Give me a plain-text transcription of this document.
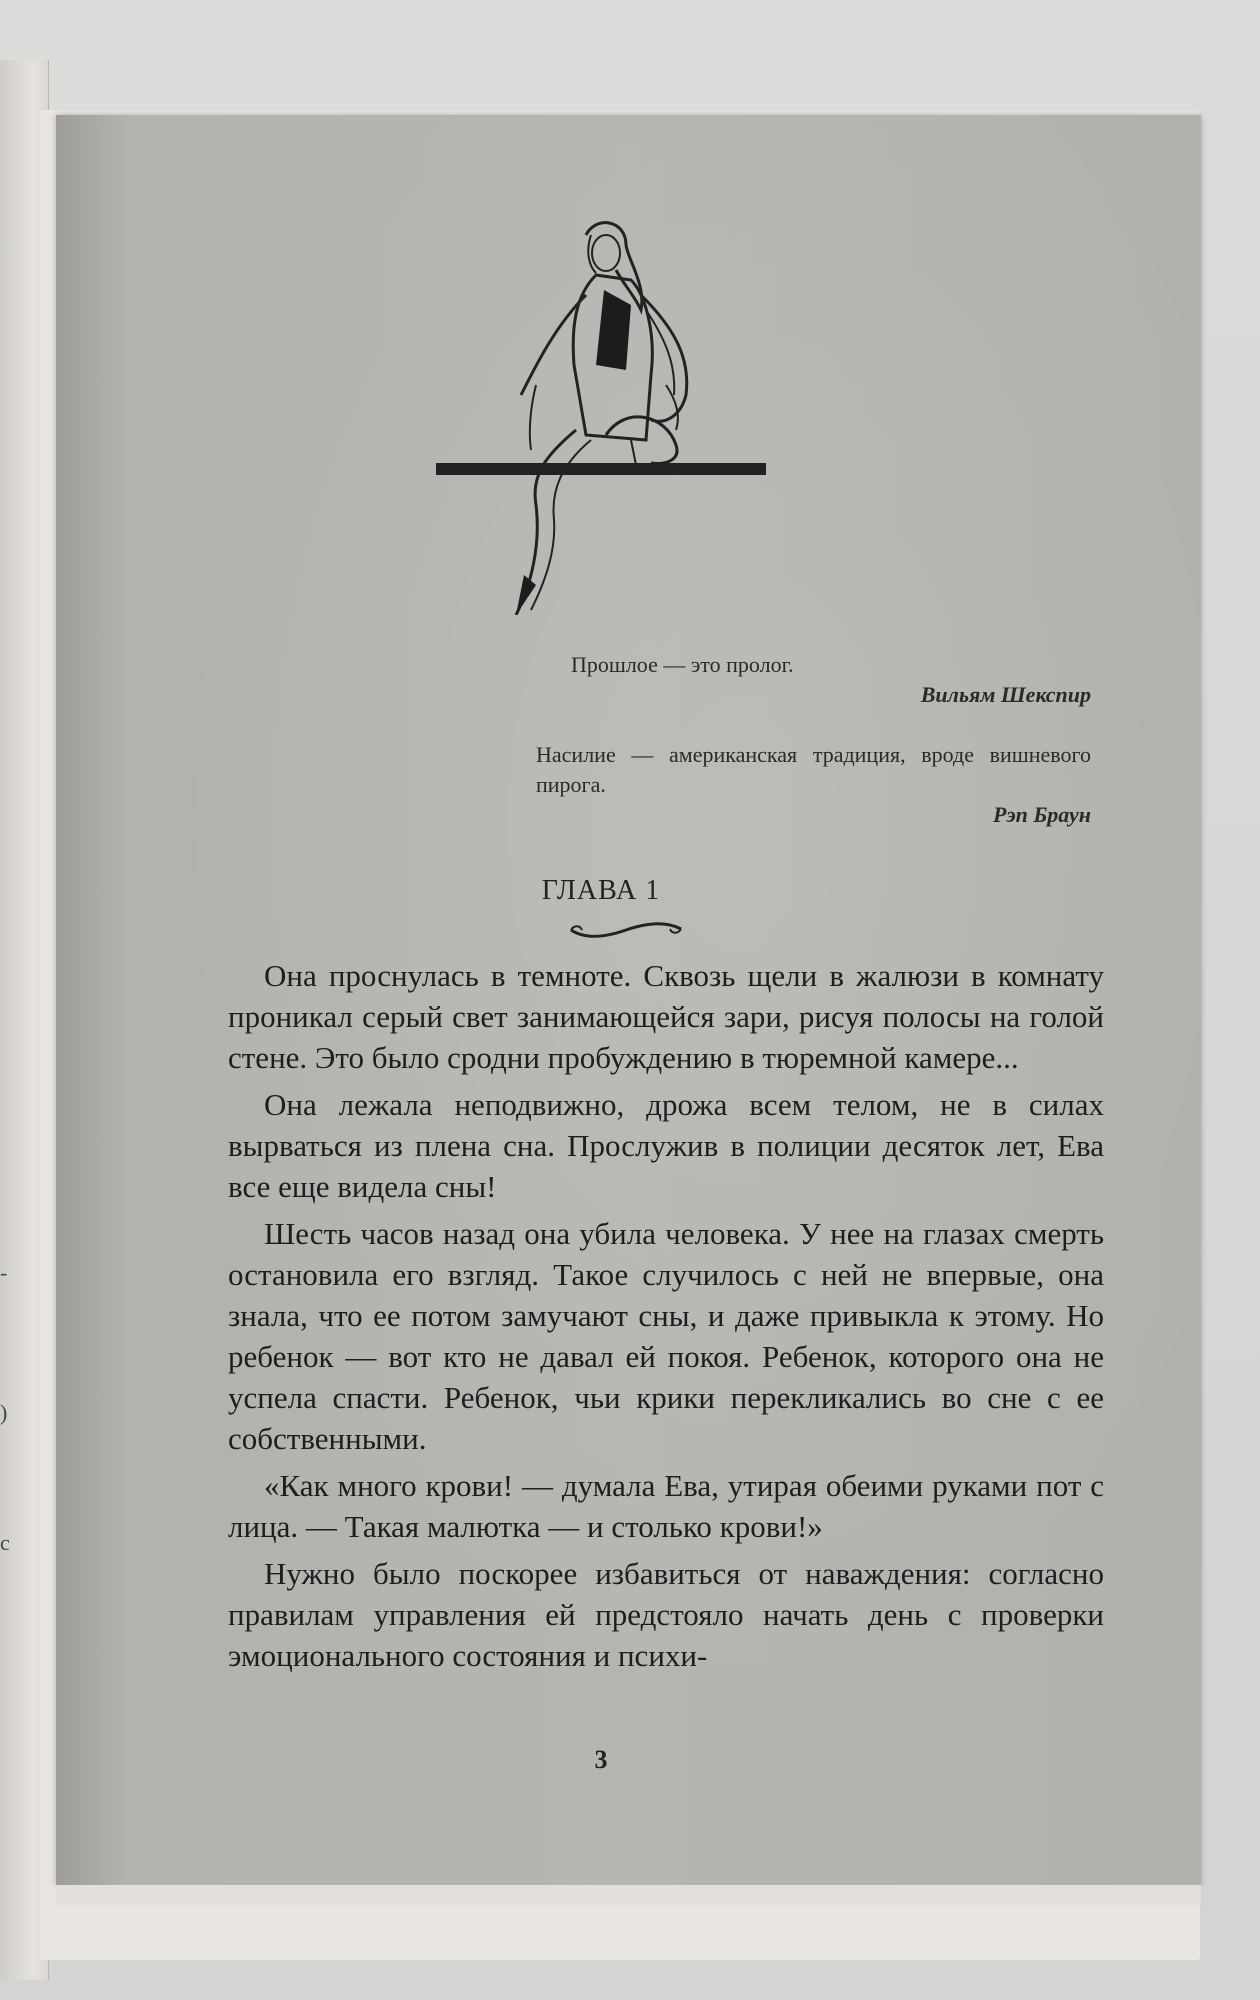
-
)
с
Прошлое — это пролог.
Вильям Шекспир
Насилие — американская традиция, вроде вишневого пирога.
Рэп Браун
ГЛАВА 1

Она проснулась в темноте. Сквозь щели в жалюзи в комнату проникал серый свет занимающейся зари, рисуя полосы на голой стене. Это было сродни пробуждению в тюремной камере...

Она лежала неподвижно, дрожа всем телом, не в силах вырваться из плена сна. Прослужив в полиции десяток лет, Ева все еще видела сны!

Шесть часов назад она убила человека. У нее на глазах смерть остановила его взгляд. Такое случилось с ней не впервые, она знала, что ее потом замучают сны, и даже привыкла к этому. Но ребенок — вот кто не давал ей покоя. Ребенок, которого она не успела спасти. Ребенок, чьи крики перекликались во сне с ее собственными.

«Как много крови! — думала Ева, утирая обеими руками пот с лица. — Такая малютка — и столько крови!»

Нужно было поскорее избавиться от наваждения: согласно правилам управления ей предстояло начать день с проверки эмоционального состояния и психи-

3
